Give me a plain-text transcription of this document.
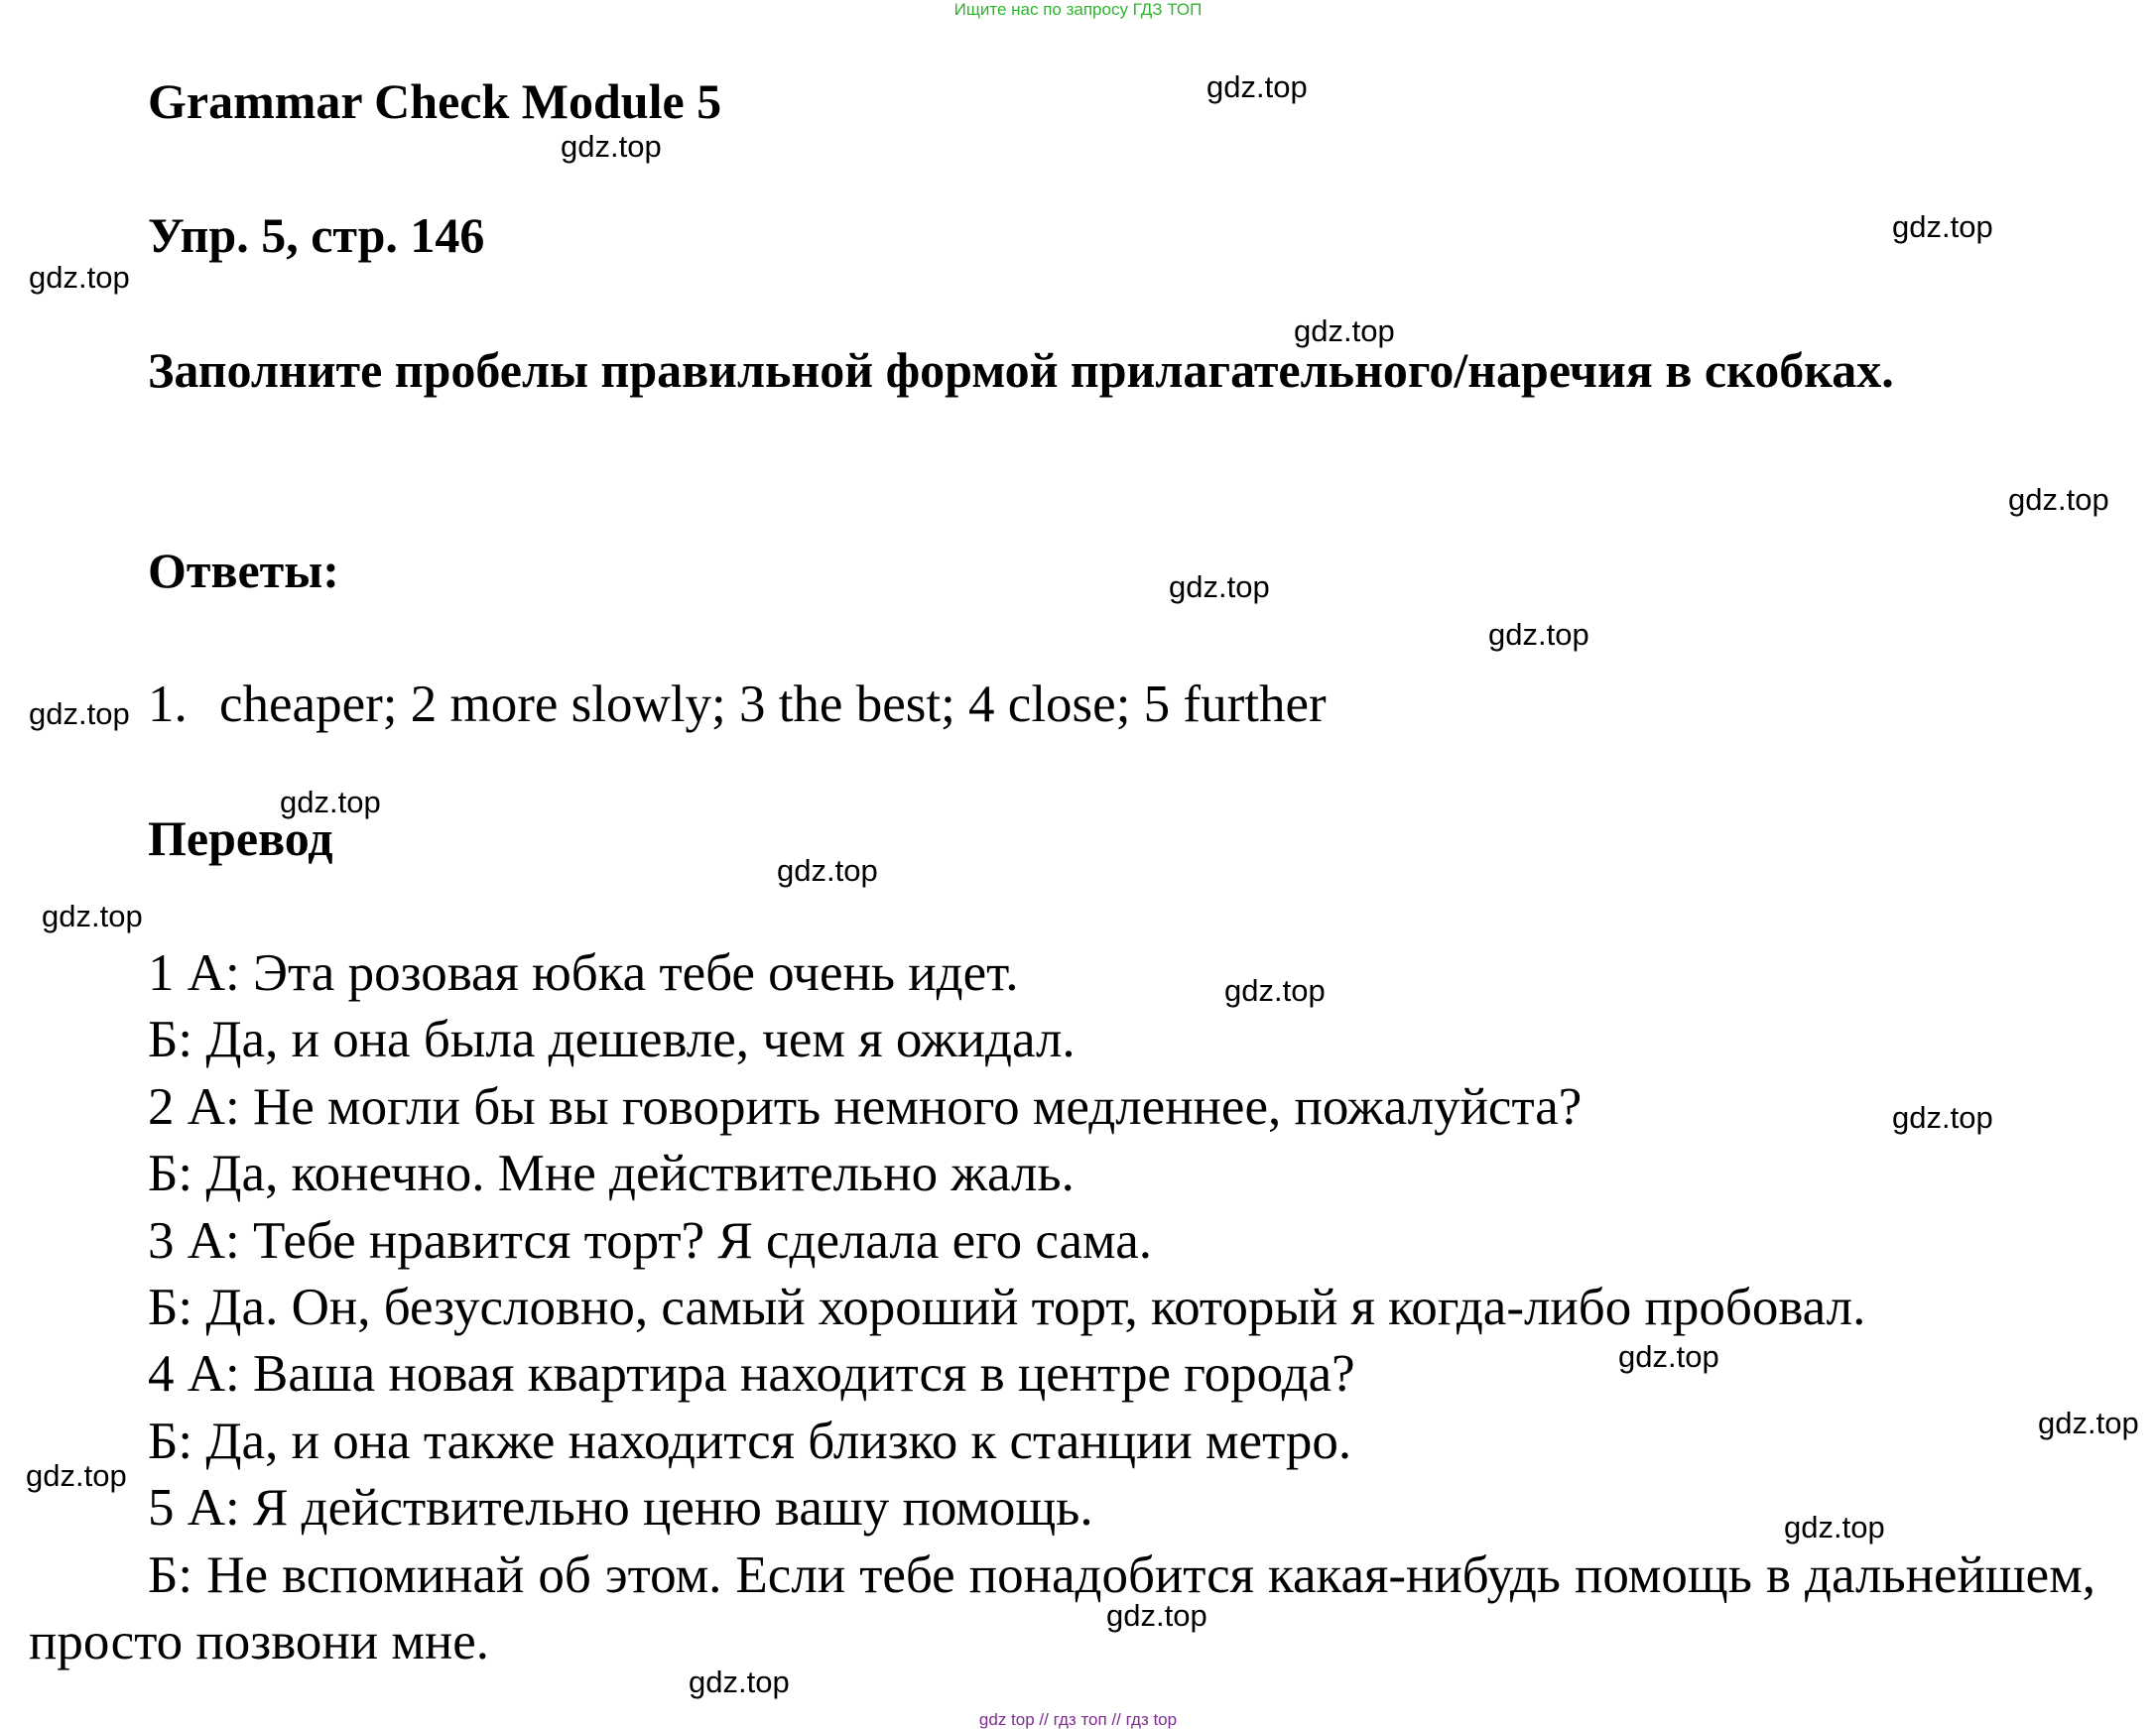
Ищите нас по запросу ГДЗ ТОП
Grammar Check Module 5
Упр. 5, стр. 146

Заполните пробелы правильной формой прилагательного/наречия в скобках.

Ответы:

1. cheaper; 2 more slowly; 3 the best; 4 close; 5 further

Перевод
1 А: Эта розовая юбка тебе очень идет.
Б: Да, и она была дешевле, чем я ожидал.
2 А: Не могли бы вы говорить немного медленнее, пожалуйста?
Б: Да, конечно. Мне действительно жаль.
3 А: Тебе нравится торт? Я сделала его сама.
Б: Да. Он, безусловно, самый хороший торт, который я когда-либо пробовал.
4 А: Ваша новая квартира находится в центре города?
Б: Да, и она также находится близко к станции метро.
5 А: Я действительно ценю вашу помощь.
Б: Не вспоминай об этом. Если тебе понадобится какая-нибудь помощь в дальнейшем, просто позвони мне.
gdz.top
gdz.top
gdz.top
gdz.top
gdz.top
gdz.top
gdz.top
gdz.top
gdz.top
gdz.top
gdz.top
gdz.top
gdz.top
gdz.top
gdz.top
gdz.top
gdz.top
gdz.top
gdz.top
gdz.top
gdz top // гдз топ // гдз top
